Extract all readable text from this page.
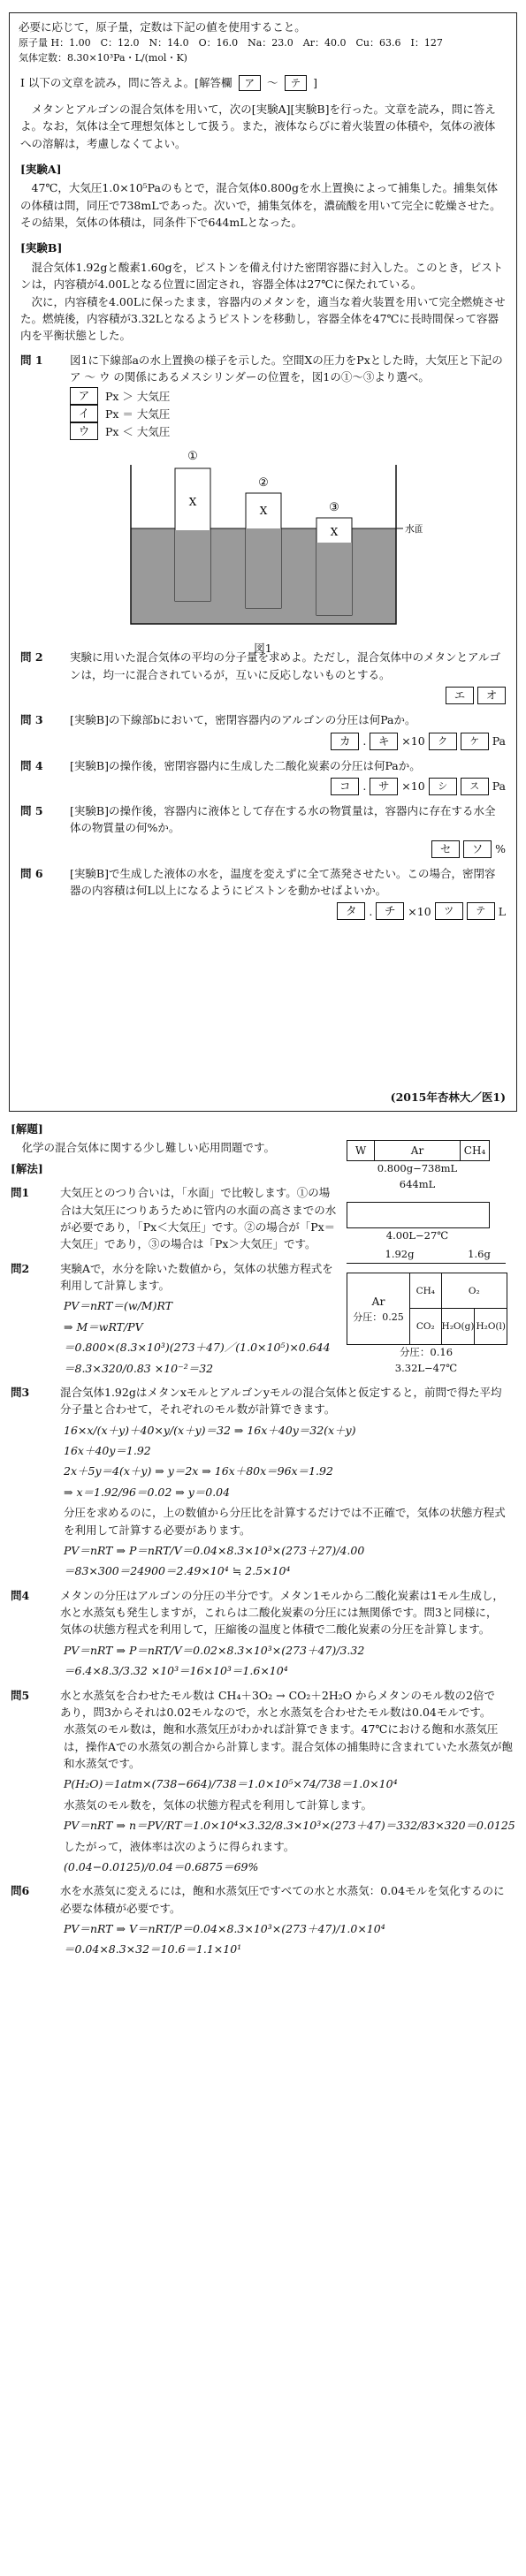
必要に応じて，原子量，定数は下記の値を使用すること。
原子量 H：1.00　C：12.0　N：14.0　O：16.0　Na：23.0　Ar：40.0　Cu：63.6　I：127
気体定数：8.30×10³Pa・L/(mol・K)
Ⅰ 以下の文章を読み，問に答えよ。[解答欄	ア	〜	テ	]
メタンとアルゴンの混合気体を用いて，次の[実験A][実験B]を行った。文章を読み，問に答えよ。なお，気体は全て理想気体として扱う。また，液体ならびに着火装置の体積や，気体の液体への溶解は，考慮しなくてよい。
[実験A]
47℃，大気圧1.0×10⁵Paのもとで，混合気体0.800gを水上置換によって捕集した。捕集気体の体積は問，同圧で738mLであった。次いで，捕集気体を，濃硫酸を用いて完全に乾燥させた。その結果，気体の体積は，同条件下で644mLとなった。
[実験B]
混合気体1.92gと酸素1.60gを，ピストンを備え付けた密閉容器に封入した。このとき，ピストンは，内容積が4.00Lとなる位置に固定され，容器全体は27℃に保たれている。
次に，内容積を4.00Lに保ったまま，容器内のメタンを，適当な着火装置を用いて完全燃焼させた。燃焼後，内容積が3.32Lとなるようピストンを移動し，容器全体を47℃に長時間保って容器内を平衡状態とした。
問 1	図1に下線部aの水上置換の様子を示した。空間Xの圧力をPxとした時，大気圧と下記の ア ～ ウ の関係にあるメスシリンダーの位置を，図1の①～③より選べ。
ア	Px ＞ 大気圧
イ	Px ＝ 大気圧
ウ	Px ＜ 大気圧
①
②
③
X
X
X	水面
図1
問 2	実験に用いた混合気体の平均の分子量を求めよ。ただし，混合気体中のメタンとアルゴンは，均一に混合されているが，互いに反応しないものとする。
エ	オ
問 3	[実験B]の下線部bにおいて，密閉容器内のアルゴンの分圧は何Paか。
カ	.	キ	×10	ク	ケ	Pa
問 4	[実験B]の操作後，密閉容器内に生成した二酸化炭素の分圧は何Paか。
コ	.	サ	×10	シ	ス	Pa
問 5	[実験B]の操作後，容器内に液体として存在する水の物質量は，容器内に存在する水全体の物質量の何%か。
セ	ソ	%
問 6	[実験B]で生成した液体の水を，温度を変えずに全て蒸発させたい。この場合，密閉容器の内容積は何L以上になるようにピストンを動かせばよいか。
タ	.	チ	×10	ツ	テ	L
(2015年杏林大／医1)
[解題]
化学の混合気体に関する少し難しい応用問題です。
[解法]
問1	大気圧とのつり合いは，「水面」で比較します。①の場合は大気圧につりあうために管内の水面の高さまでの水が必要であり，「Px＜大気圧」です。②の場合が「Px＝大気圧」であり，③の場合は「Px＞大気圧」です。
問2	実験Aで，水分を除いた数値から，気体の状態方程式を利用して計算します。
PV＝nRT＝(w/M)RT
⇒ M＝wRT/PV
＝0.800×(8.3×10³)(273＋47)／(1.0×10⁵)×0.644
＝8.3×320/0.83 ×10⁻²＝32
問3	混合気体1.92gはメタンxモルとアルゴンyモルの混合気体と仮定すると，前問で得た平均分子量と合わせて，それぞれのモル数が計算できます。
16×x/(x＋y)＋40×y/(x＋y)＝32 ⇒ 16x＋40y＝32(x＋y)
16x＋40y＝1.92
2x＋5y＝4(x＋y) ⇒ y＝2x ⇒ 16x＋80x＝96x＝1.92
⇒ x＝1.92/96＝0.02 ⇒ y＝0.04
分圧を求めるのに，上の数値から分圧比を計算するだけでは不正確で，気体の状態方程式を利用して計算する必要があります。
PV＝nRT ⇒ P＝nRT/V＝0.04×8.3×10³×(273＋27)/4.00
＝83×300＝24900＝2.49×10⁴ ≒ 2.5×10⁴
問4	メタンの分圧はアルゴンの分圧の半分です。メタン1モルから二酸化炭素は1モル生成し，水と水蒸気も発生しますが，これらは二酸化炭素の分圧には無関係です。問3と同様に，気体の状態方程式を利用して，圧縮後の温度と体積で二酸化炭素の分圧を計算します。
PV＝nRT ⇒ P＝nRT/V＝0.02×8.3×10³×(273＋47)/3.32
＝6.4×8.3/3.32 ×10³＝16×10³＝1.6×10⁴
問5	水と水蒸気を合わせたモル数は CH₄＋3O₂ → CO₂＋2H₂O からメタンのモル数の2倍であり，問3からそれは0.02モルなので，水と水蒸気を合わせたモル数は0.04モルです。
水蒸気のモル数は，飽和水蒸気圧がわかれば計算できます。47℃における飽和水蒸気圧は，操作Aでの水蒸気の割合から計算します。混合気体の捕集時に含まれていた水蒸気が飽和水蒸気です。
P(H₂O)＝1atm×(738−664)/738＝1.0×10⁵×74/738＝1.0×10⁴
水蒸気のモル数を，気体の状態方程式を利用して計算します。
PV＝nRT ⇒ n＝PV/RT＝1.0×10⁴×3.32/8.3×10³×(273＋47)＝332/83×320＝0.0125
したがって，液体率は次のように得られます。
(0.04−0.0125)/0.04＝0.6875＝69%
問6	水を水蒸気に変えるには，飽和水蒸気圧ですべての水と水蒸気：0.04モルを気化するのに必要な体積が必要です。
PV＝nRT ⇒ V＝nRT/P＝0.04×8.3×10³×(273＋47)/1.0×10⁴
＝0.04×8.3×32＝10.6＝1.1×10¹
W	Ar	CH₄
0.800g−738mL
644mL
4.00L−27℃
1.92g	1.6g
Ar
分圧：0.25
CH₄	O₂
CO₂ H₂O(g) H₂O(l)
分圧：0.16
3.32L−47℃
